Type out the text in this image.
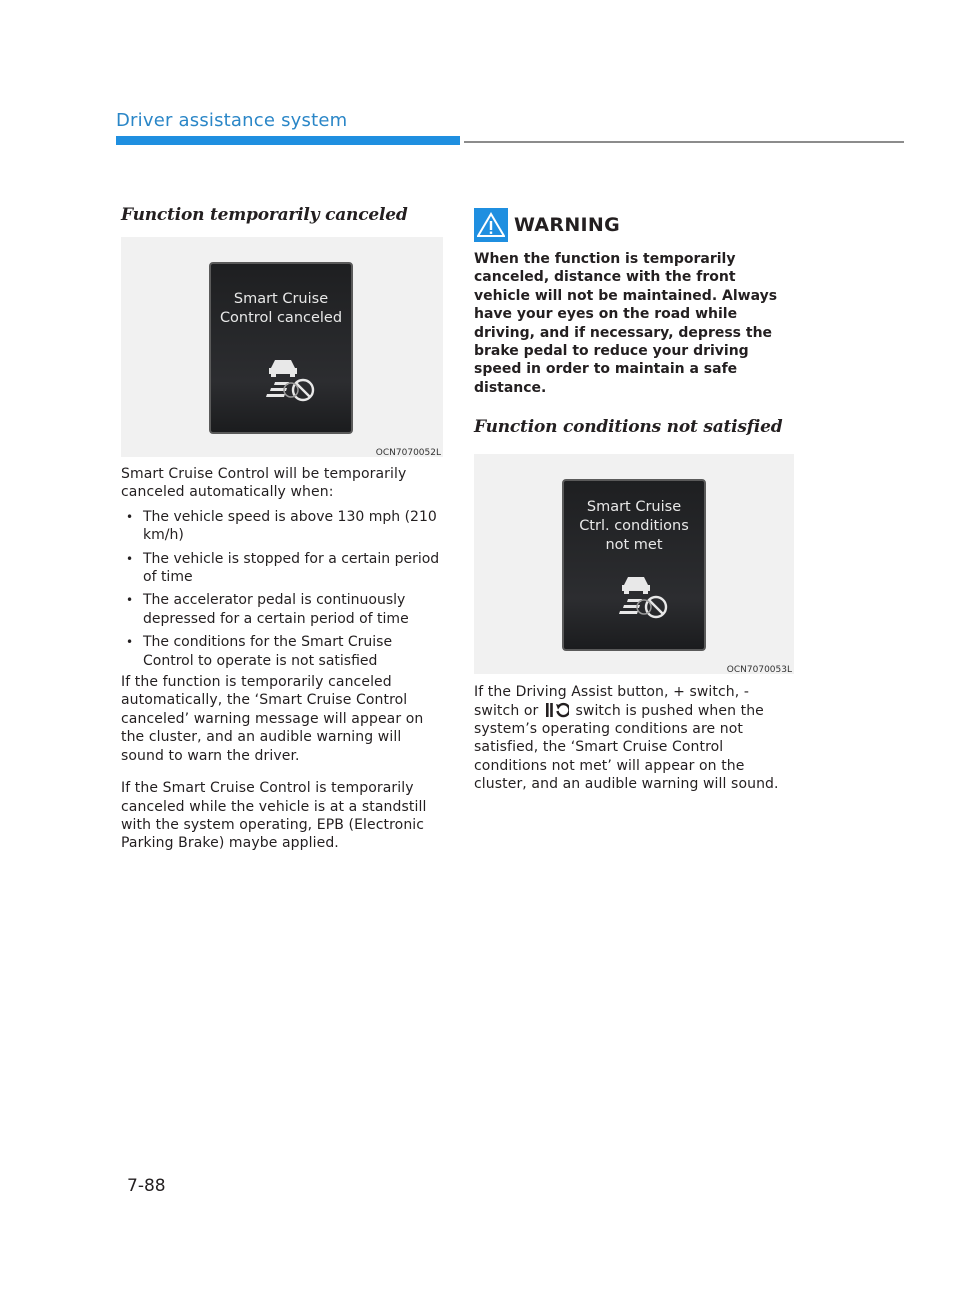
Driver assistance system
Function temporarily canceled
Smart Cruise
Control canceled
OCN7070052L

Smart Cruise Control will be temporarily canceled automatically when:

• The vehicle speed is above 130 mph (210 km/h)
• The vehicle is stopped for a certain period of time
• The accelerator pedal is continuously depressed for a certain period of time
• The conditions for the Smart Cruise Control to operate is not satisfied

If the function is temporarily canceled automatically, the ‘Smart Cruise Control canceled’ warning message will appear on the cluster, and an audible warning will sound to warn the driver.

If the Smart Cruise Control is temporarily canceled while the vehicle is at a standstill with the system operating, EPB (Electronic Parking Brake) maybe applied.

WARNING

When the function is temporarily canceled, distance with the front vehicle will not be maintained. Always have your eyes on the road while driving, and if necessary, depress the brake pedal to reduce your driving speed in order to maintain a safe distance.

Function conditions not satisfied
Smart Cruise
Ctrl. conditions
not met
OCN7070053L

If the Driving Assist button, + switch, - switch or	switch is pushed when the system’s operating conditions are not satisfied, the ‘Smart Cruise Control conditions not met’ will appear on the cluster, and an audible warning will sound.

7-88
